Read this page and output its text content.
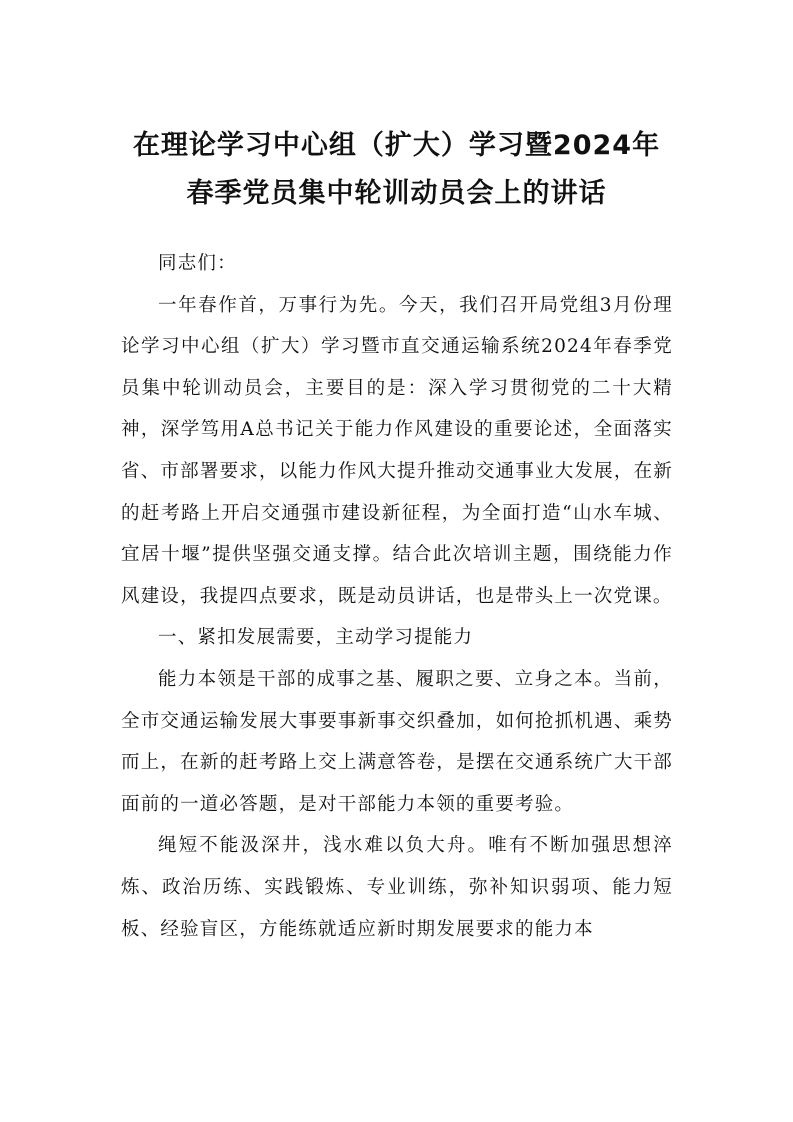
在理论学习中心组（扩大）学习暨2024年
春季党员集中轮训动员会上的讲话

同志们：

一年春作首，万事行为先。今天，我们召开局党组3月份理论学习中心组（扩大）学习暨市直交通运输系统2024年春季党员集中轮训动员会，主要目的是：深入学习贯彻党的二十大精神，深学笃用A总书记关于能力作风建设的重要论述，全面落实省、市部署要求，以能力作风大提升推动交通事业大发展，在新的赶考路上开启交通强市建设新征程，为全面打造“山水车城、宜居十堰”提供坚强交通支撑。结合此次培训主题，围绕能力作风建设，我提四点要求，既是动员讲话，也是带头上一次党课。

一、紧扣发展需要，主动学习提能力

能力本领是干部的成事之基、履职之要、立身之本。当前，全市交通运输发展大事要事新事交织叠加，如何抢抓机遇、乘势而上，在新的赶考路上交上满意答卷，是摆在交通系统广大干部面前的一道必答题，是对干部能力本领的重要考验。

绳短不能汲深井，浅水难以负大舟。唯有不断加强思想淬炼、政治历练、实践锻炼、专业训练，弥补知识弱项、能力短板、经验盲区，方能练就适应新时期发展要求的能力本
